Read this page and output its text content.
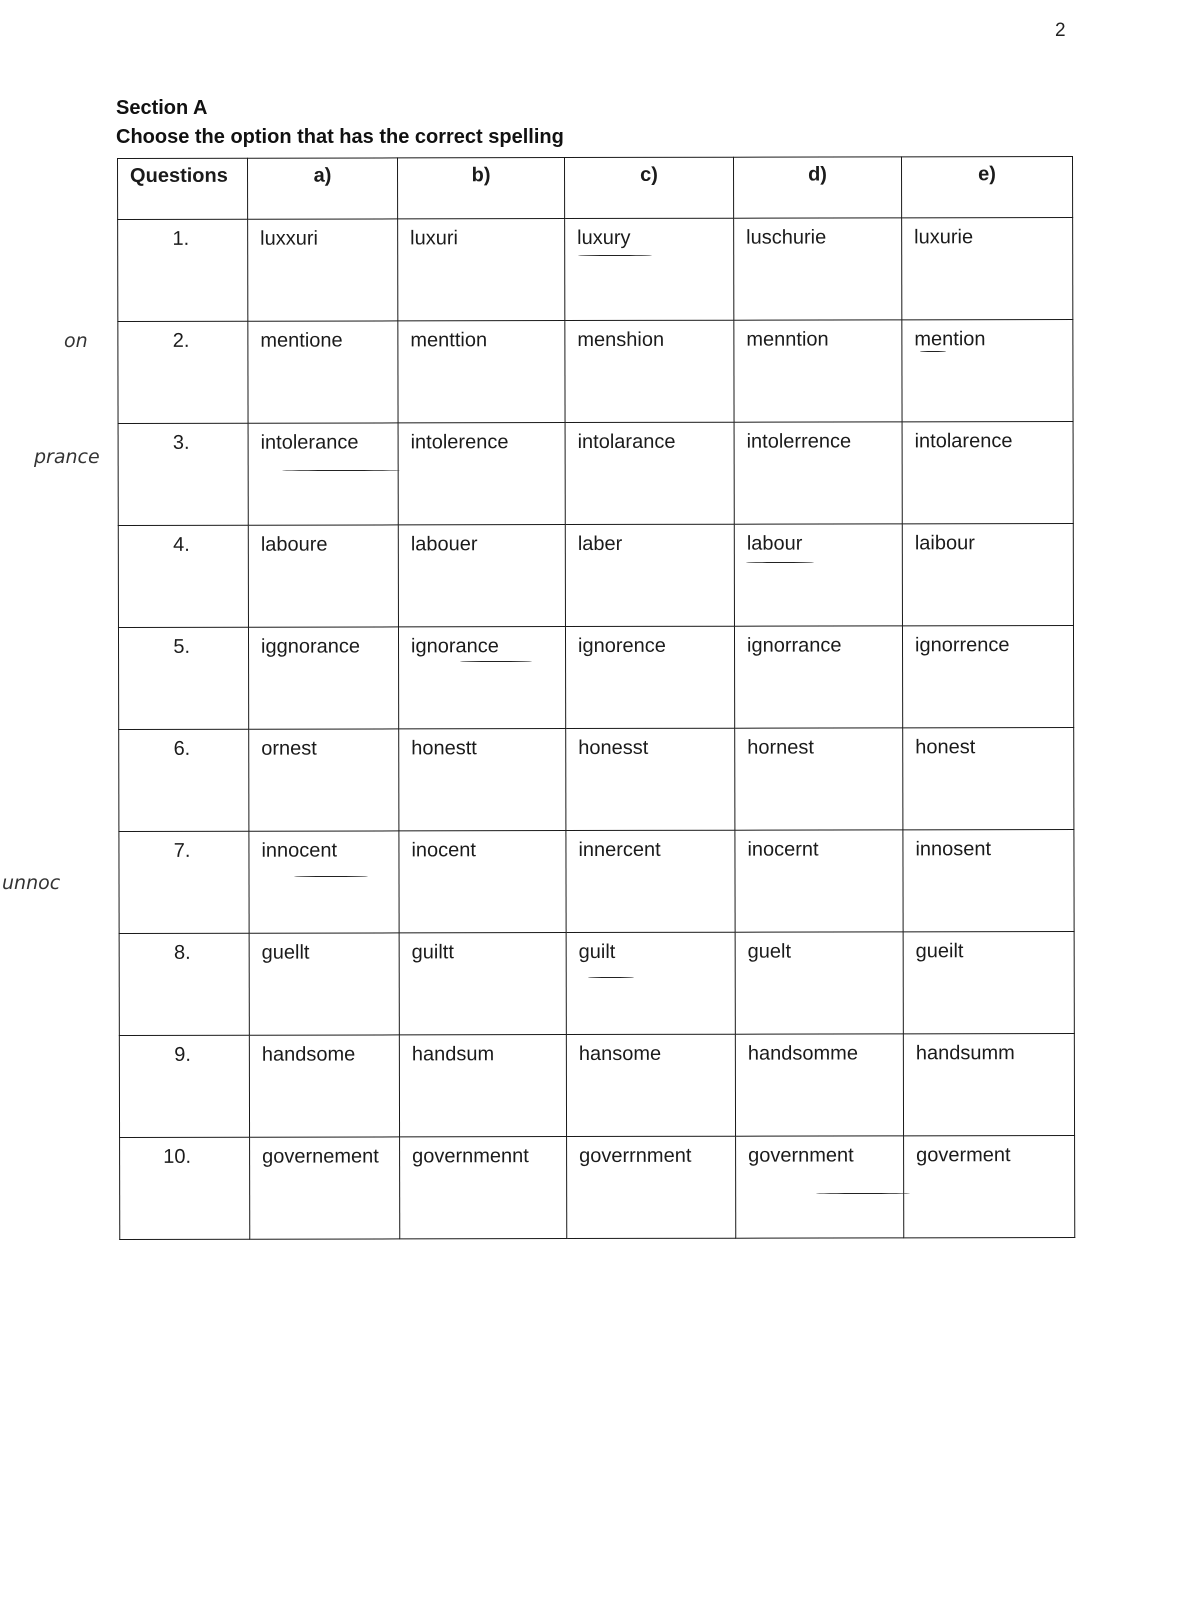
2
Section A
Choose the option that has the correct spelling
on
prance
unnoc
Questions	a)	b)	c)	d)	e)

1.	luxxuri	luxuri	luxury	luschurie	luxurie

2.	mentione	menttion	menshion	menntion	mention

3.	intolerance	intolerence	intolarance	intolerrence	intolarence

4.	laboure	labouer	laber	labour	laibour

5.	iggnorance	ignorance	ignorence	ignorrance	ignorrence

6.	ornest	honestt	honesst	hornest	honest

7.	innocent	inocent	innercent	inocernt	innosent

8.	guellt	guiltt	guilt	guelt	gueilt

9.	handsome	handsum	hansome	handsomme	handsumm

10.	governement	governmennt	goverrnment	government	goverment
